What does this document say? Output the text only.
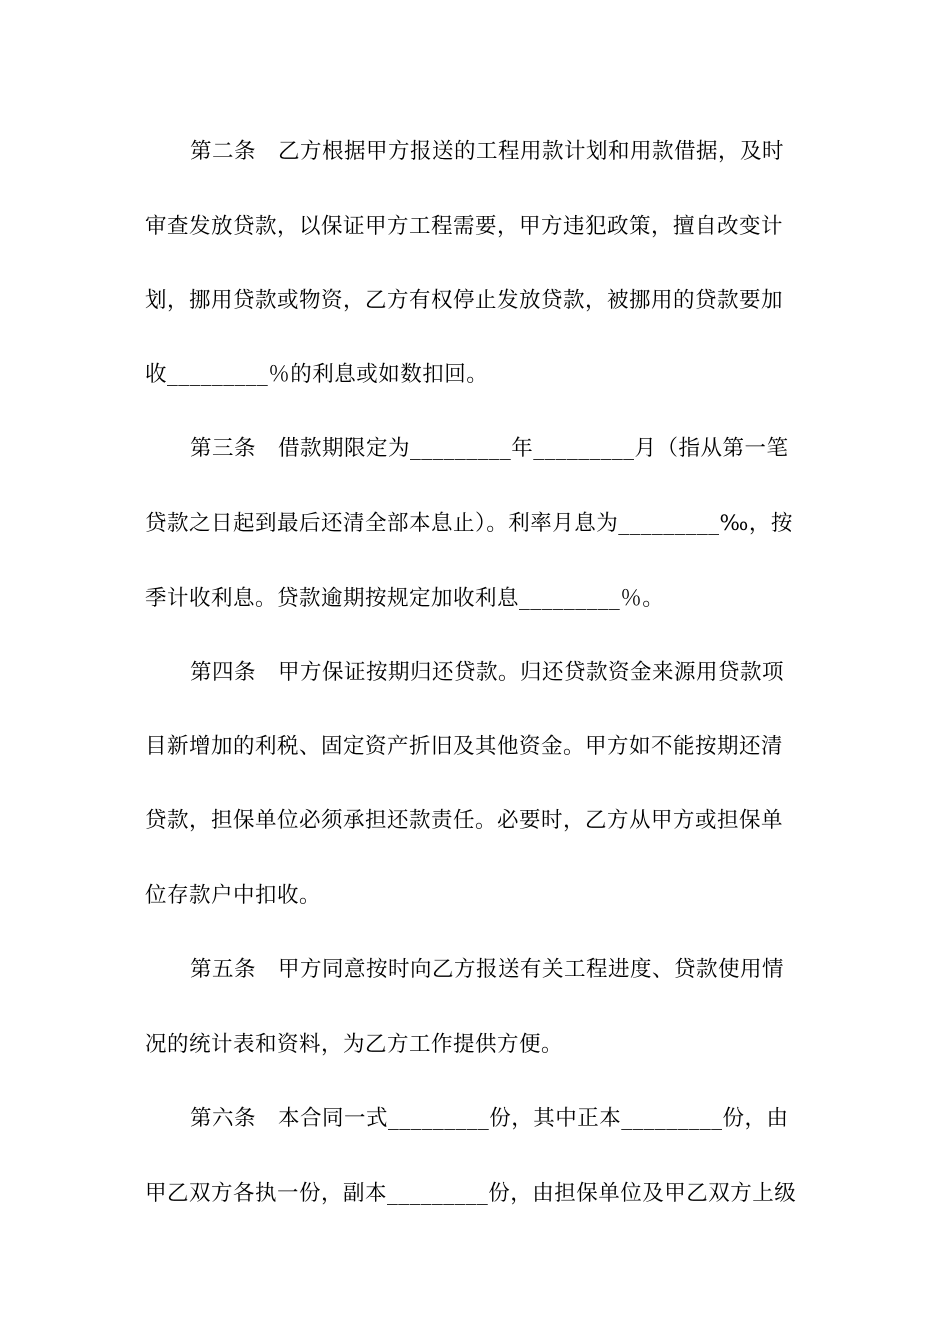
第二条　乙方根据甲方报送的工程用款计划和用款借据，及时
审查发放贷款，以保证甲方工程需要，甲方违犯政策，擅自改变计
划，挪用贷款或物资，乙方有权停止发放贷款，被挪用的贷款要加
收_________％的利息或如数扣回。
第三条　借款期限定为_________年_________月（指从第一笔
贷款之日起到最后还清全部本息止）。利率月息为_________‰，按
季计收利息。贷款逾期按规定加收利息_________％。
第四条　甲方保证按期归还贷款。归还贷款资金来源用贷款项
目新增加的利税、固定资产折旧及其他资金。甲方如不能按期还清
贷款，担保单位必须承担还款责任。必要时，乙方从甲方或担保单
位存款户中扣收。
第五条　甲方同意按时向乙方报送有关工程进度、贷款使用情
况的统计表和资料，为乙方工作提供方便。
第六条　本合同一式_________份，其中正本_________份，由
甲乙双方各执一份，副本_________份，由担保单位及甲乙双方上级
